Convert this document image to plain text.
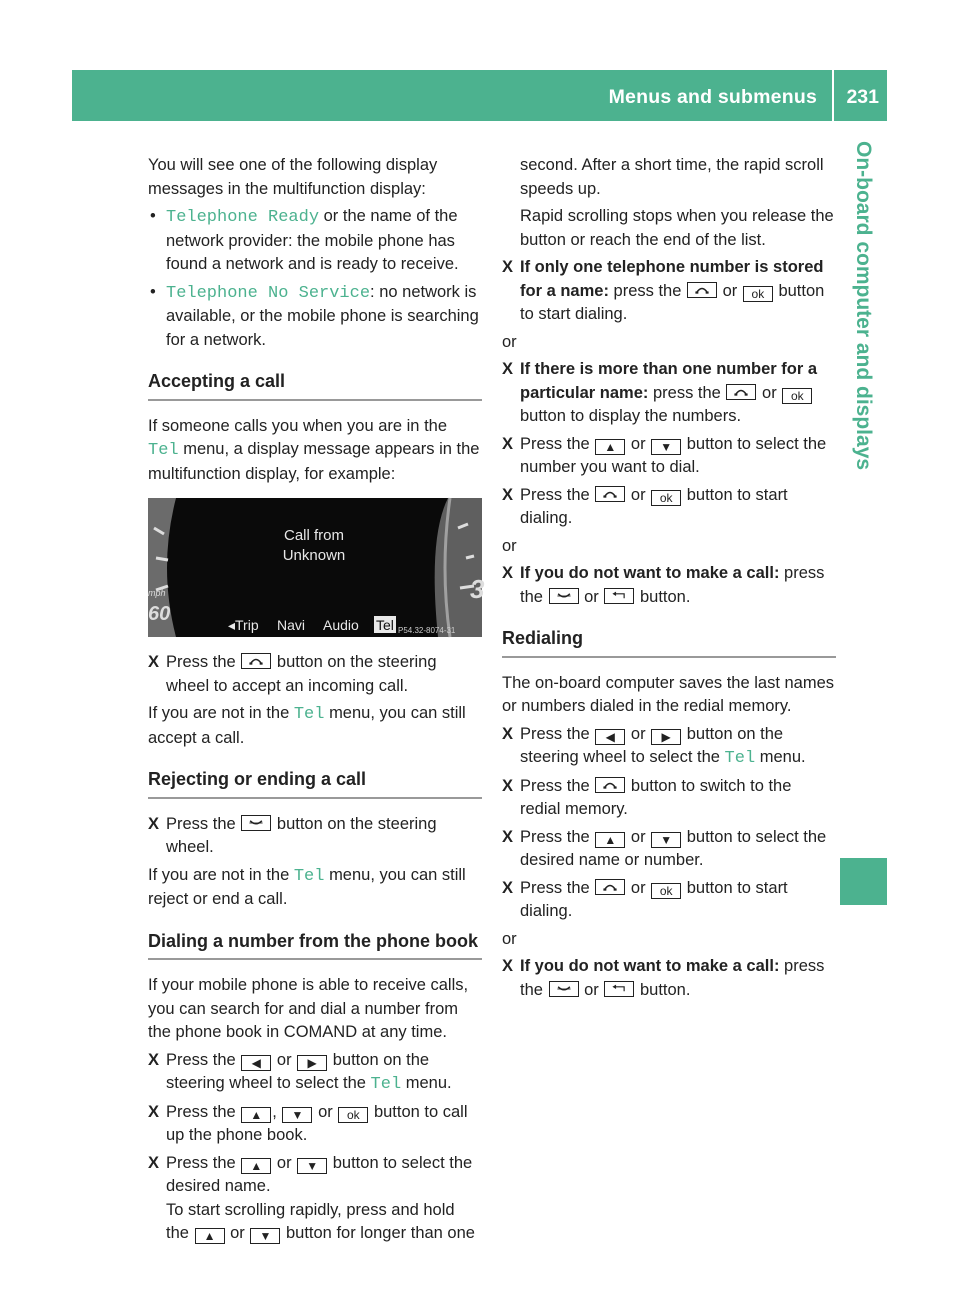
Menus and submenus 231
On-board computer and displays

You will see one of the following display messages in the multifunction display:

• Telephone Ready or the name of the network provider: the mobile phone has found a network and is ready to receive.
• Telephone No Service: no network is available, or the mobile phone is searching for a network.
Accepting a call

If someone calls you when you are in the Tel menu, a display message appears in the multifunction display, for example:

mph
60
3
Call from
Unknown
◂Trip Navi Audio Tel P54.32-8074-31
X Press the button on the steering wheel to accept an incoming call.

If you are not in the Tel menu, you can still accept a call.

Rejecting or ending a call
X Press the button on the steering wheel.

If you are not in the Tel menu, you can still reject or end a call.

Dialing a number from the phone book

If your mobile phone is able to receive calls, you can search for and dial a number from the phone book in COMAND at any time.

X Press the ◀ or ▶ button on the steering wheel to select the Tel menu.
X Press the ▲ , ▼ or ok button to call up the phone book.
X Press the ▲ or ▼ button to select the desired name.
To start scrolling rapidly, press and hold the ▲ or ▼ button for longer than one

second. After a short time, the rapid scroll speeds up.

Rapid scrolling stops when you release the button or reach the end of the list.

X If only one telephone number is stored for a name: press the or ok button to start dialing.

or

X If there is more than one number for a particular name: press the or ok button to display the numbers.
X Press the ▲ or ▼ button to select the number you want to dial.
X Press the or ok button to start dialing.

or

X If you do not want to make a call: press the or button.
Redialing

The on-board computer saves the last names or numbers dialed in the redial memory.

X Press the ◀ or ▶ button on the steering wheel to select the Tel menu.
X Press the button to switch to the redial memory.
X Press the ▲ or ▼ button to select the desired name or number.
X Press the or ok button to start dialing.

or

X If you do not want to make a call: press the or button.
